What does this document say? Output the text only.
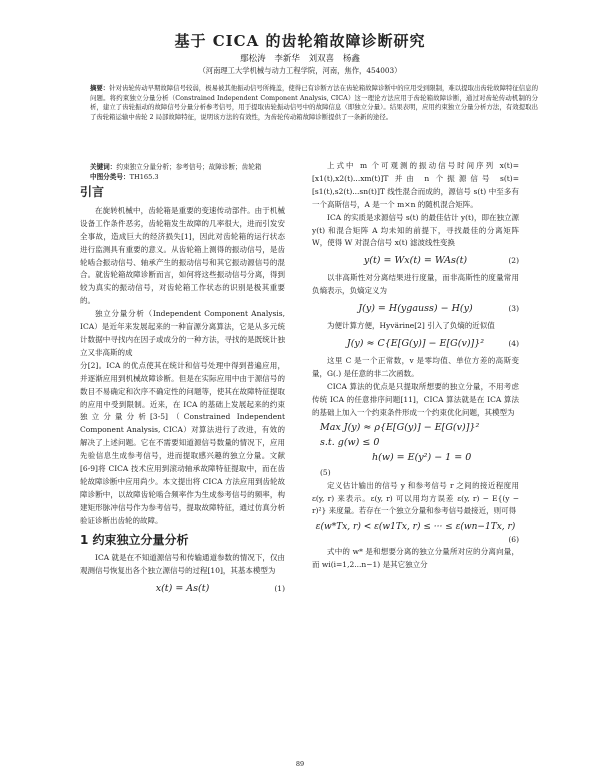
基于 CICA 的齿轮箱故障诊断研究
鄢松涛 李新华 刘双喜 杨鑫
（河南理工大学机械与动力工程学院，河南，焦作，454003）
摘要：针对齿轮传动早期故障信号较弱，极易被其他振动信号所掩盖，使得已有诊断方法在齿轮箱故障诊断中的应用受到限制，难以提取出齿轮故障特征信息的问题。将约束独立分量分析（Constrained Independent Component Analysis, CICA）这一理论方法应用于齿轮箱故障诊断，通过对齿轮传动机制的分析，建立了齿轮振动的故障信号分量分析参考信号，用于提取齿轮振动信号中的故障信息（即独立分量）。结果表明，应用约束独立分量分析方法，有效提取出了齿轮箱运输中齿轮 2 局部故障特征，说明该方法的有效性，为齿轮传动箱故障诊断提供了一条新的途径。
关键词：约束独立分量分析；参考信号；故障诊断；齿轮箱
中图分类号：TH165.3
引言

在旋转机械中，齿轮箱是重要的变速传动部件。由于机械设备工作条件恶劣，齿轮箱发生故障的几率很大，进而引发安全事故，造成巨大的经济损失[1]，因此对齿轮箱的运行状态进行监测具有重要的意义。从齿轮箱上测得的振动信号，是齿轮啮合振动信号、轴承产生的振动信号和其它振动源信号的混合。就齿轮箱故障诊断而言，如何将这些振动信号分离，得到较为真实的振动信号，对齿轮箱工作状态的识别是极其重要的。

独立分量分析（Independent Component Analysis, ICA）是近年来发展起来的一种盲源分离算法，它是从多元统计数据中寻找内在因子或成分的一种方法，寻找的是既统计独立又非高斯的成

分[2]。ICA 的优点使其在统计和信号处理中得到普遍应用，并逐渐应用到机械故障诊断。但是在实际应用中由于源信号的数目不易确定和次序不确定性的问题等，使其在故障特征提取的应用中受到限制。近来，在 ICA 的基础上发展起来的约束独立分量分析[3-5]（Constrained Independent Component Analysis, CICA）对算法进行了改进，有效的解决了上述问题。它在不需要知道源信号数量的情况下，应用先验信息生成参考信号，进而提取感兴趣的独立分量。文献[6-9]将 CICA 技术应用到滚动轴承故障特征提取中，而在齿轮故障诊断中应用尚少。本文提出将 CICA 方法应用到齿轮故障诊断中，以故障齿轮啮合频率作为生成参考信号的频率，构建矩形脉冲信号作为参考信号，提取故障特征，通过仿真分析验证诊断出齿轮的故障。

1 约束独立分量分析

ICA 就是在不知道源信号和传输通道参数的情况下，仅由观测信号恢复出各个独立源信号的过程[10]，其基本模型为

x(t) = As(t)	(1)

上式中 m 个可观测的振动信号时间序列 x(t)=[x1(t),x2(t)...xm(t)]T 并由 n 个振源信号 s(t)=[s1(t),s2(t)...sn(t)]T 线性混合而成的，源信号 s(t) 中至多有一个高斯信号，A 是一个 m×n 的随机混合矩阵。

ICA 的实质是求源信号 s(t) 的最佳估计 y(t)，即在独立源 y(t) 和混合矩阵 A 均未知的前提下，寻找最佳的分离矩阵 W，使得 W 对混合信号 x(t) 滤波线性变换

y(t) = Wx(t) = WAs(t)	(2)

以非高斯性对分离结果进行度量，而非高斯性的度量常用负熵表示，负熵定义为

J(y) = H(ygauss) − H(y)	(3)

为便计算方便，Hyvärine[2] 引入了负熵的近似值

J(y) ≈ C{E[G(y)] − E[G(v)]}²	(4)

这里 C 是一个正常数，v 是零均值、单位方差的高斯变量，G(.) 是任意的非二次函数。

CICA 算法的优点是只提取所想要的独立分量，不用考虑传统 ICA 的任意排序问题[11]，CICA 算法就是在 ICA 算法的基础上加入一个约束条件形成一个约束优化问题，其模型为

Max J(y) ≈ ρ{E[G(y)] − E[G(v)]}²
s.t. g(w) ≤ 0
h(w) = E(y²) − 1 = 0
(5)

定义估计输出的信号 y 和参考信号 r 之间的接近程度用 ε(y, r) 来表示。ε(y, r) 可以用均方误差 ε(y, r) − E{(y − r)²} 来度量。若存在一个独立分量和参考信号最接近，则可得

ε(w*Tx, r) < ε(w1Tx, r) ≤ ··· ≤ ε(wn−1Tx, r)
(6)

式中的 w* 是和想要分离的独立分量所对应的分离向量，而 wi(i=1,2...n−1) 是其它独立分

89
